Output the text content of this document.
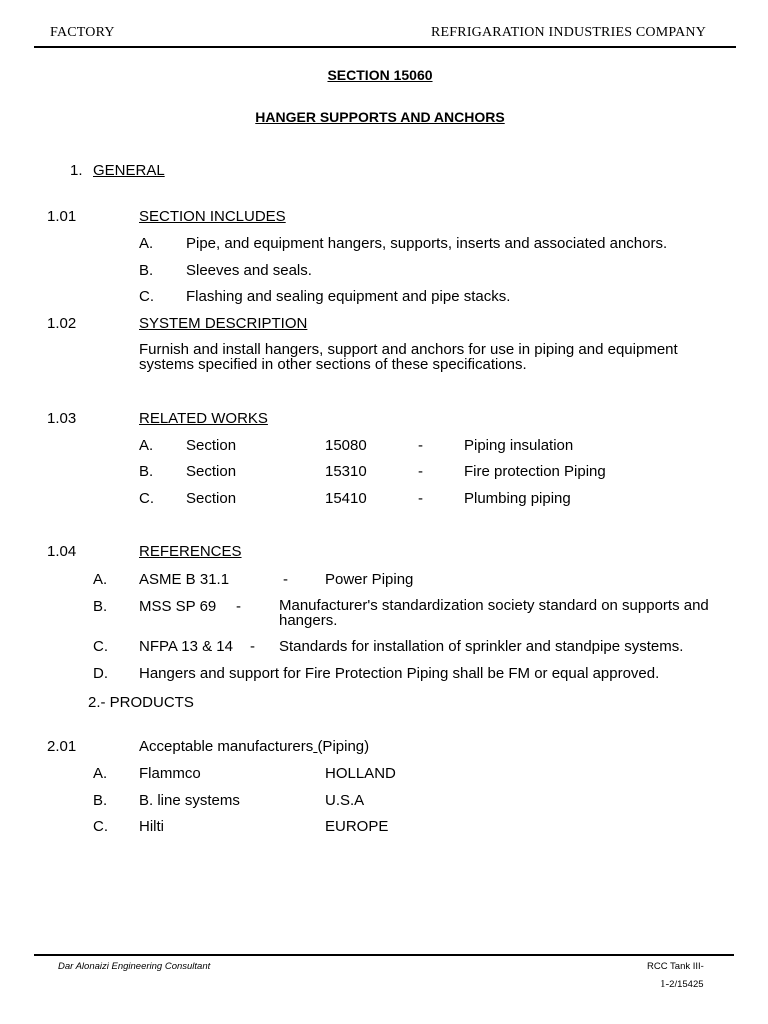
FACTORY	REFRIGARATION INDUSTRIES COMPANY
SECTION 15060
HANGER SUPPORTS AND ANCHORS
1. GENERAL
1.01	SECTION INCLUDES
A. Pipe, and equipment hangers, supports, inserts and associated anchors.
B. Sleeves and seals.
C. Flashing and sealing equipment and pipe stacks.
1.02	SYSTEM DESCRIPTION
Furnish and install hangers, support and anchors for use in piping and equipment systems specified in other sections of these specifications.
1.03	RELATED WORKS
A. Section	15080	-	Piping insulation
B. Section	15310	-	Fire protection Piping
C. Section	15410	-	Plumbing piping
1.04	REFERENCES
A. ASME B 31.1	- Power Piping
B. MSS SP 69 -	Manufacturer's standardization society standard on supports and hangers.
C. NFPA 13 & 14 - Standards for installation of sprinkler and standpipe systems.
D. Hangers and support for Fire Protection Piping shall be FM or equal approved.
2.- PRODUCTS
2.01	Acceptable manufacturers (Piping)
A. Flammco	HOLLAND
B. B. line systems	U.S.A
C. Hilti	EUROPE
Dar Alonaizi Engineering Consultant	RCC Tank III-
1-2/15425
